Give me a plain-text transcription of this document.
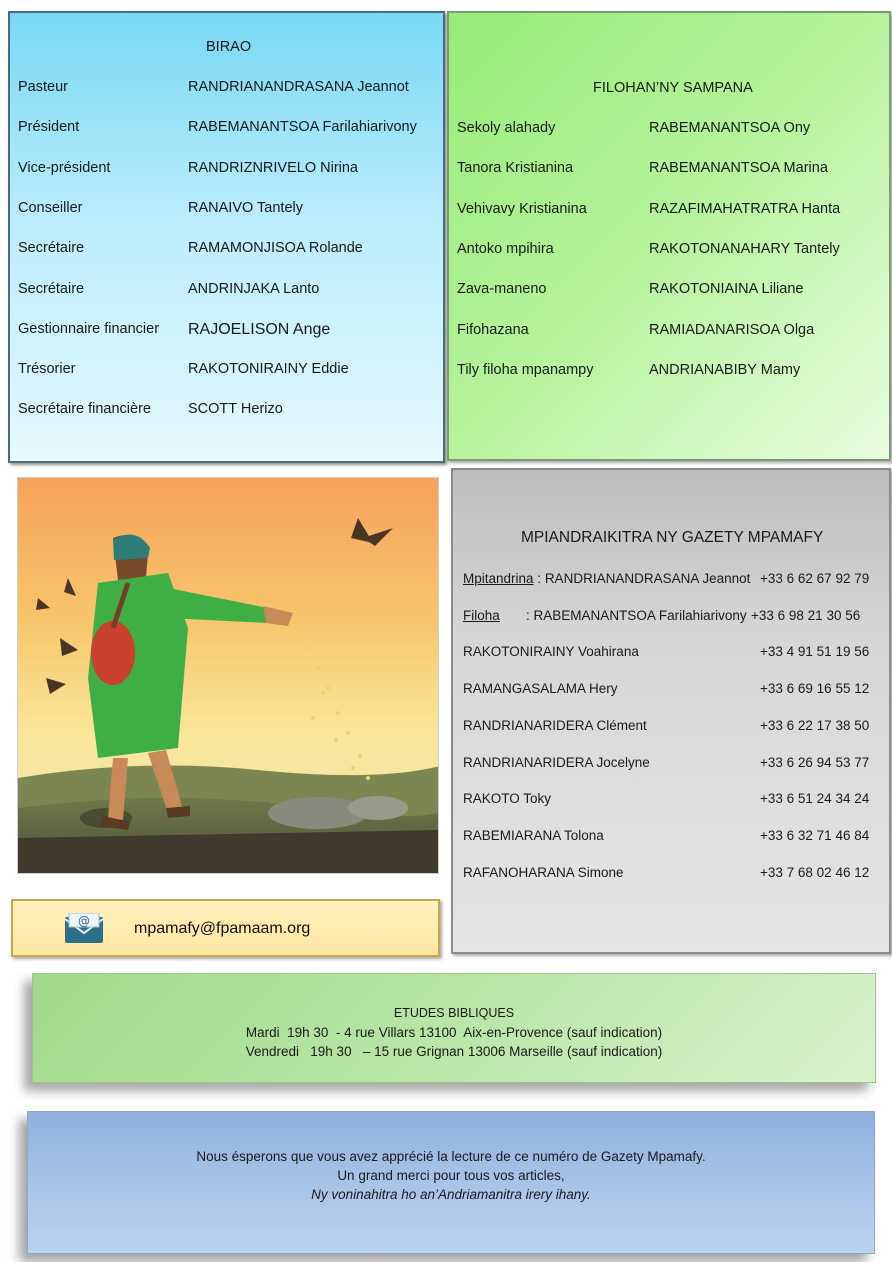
BIRAO
Pasteur	RANDRIANANDRASANA Jeannot
Président	RABEMANANTSOA Farilahiarivony
Vice-président	RANDRIZNRIVELO Nirina
Conseiller	RANAIVO Tantely
Secrétaire	RAMAMONJISOA Rolande
Secrétaire	ANDRINJAKA Lanto
Gestionnaire financier RAJOELISON Ange
Trésorier	RAKOTONIRAINY Eddie
Secrétaire financière	SCOTT Herizo
FILOHAN’NY SAMPANA
Sekoly alahady	RABEMANANTSOA Ony
Tanora Kristianina	RABEMANANTSOA Marina
Vehivavy Kristianina	RAZAFIMAHATRATRA Hanta
Antoko mpihira	RAKOTONANAHARY Tantely
Zava-maneno	RAKOTONIAINA Liliane
Fifohazana	RAMIADANARISOA Olga
Tily filoha mpanampy	ANDRIANABIBY Mamy
@	mpamafy@fpamaam.org
MPIANDRAIKITRA NY GAZETY MPAMAFY
Mpitandrina : RANDRIANANDRASANA Jeannot +33 6 62 67 92 79
Filoha       : RABEMANANTSOA Farilahiarivony +33 6 98 21 30 56
RAKOTONIRAINY Voahirana	+33 4 91 51 19 56
RAMANGASALAMA Hery	+33 6 69 16 55 12
RANDRIANARIDERA Clément	+33 6 22 17 38 50
RANDRIANARIDERA Jocelyne	+33 6 26 94 53 77
RAKOTO Toky	+33 6 51 24 34 24
RABEMIARANA Tolona	+33 6 32 71 46 84
RAFANOHARANA Simone	+33 7 68 02 46 12
ETUDES BIBLIQUES
Mardi  19h 30  - 4 rue Villars 13100  Aix-en-Provence (sauf indication)
Vendredi   19h 30   – 15 rue Grignan 13006 Marseille (sauf indication)
Nous ésperons que vous avez apprécié la lecture de ce numéro de Gazety Mpamafy.
Un grand merci pour tous vos articles,
Ny voninahitra ho an’Andriamanitra irery ihany.
